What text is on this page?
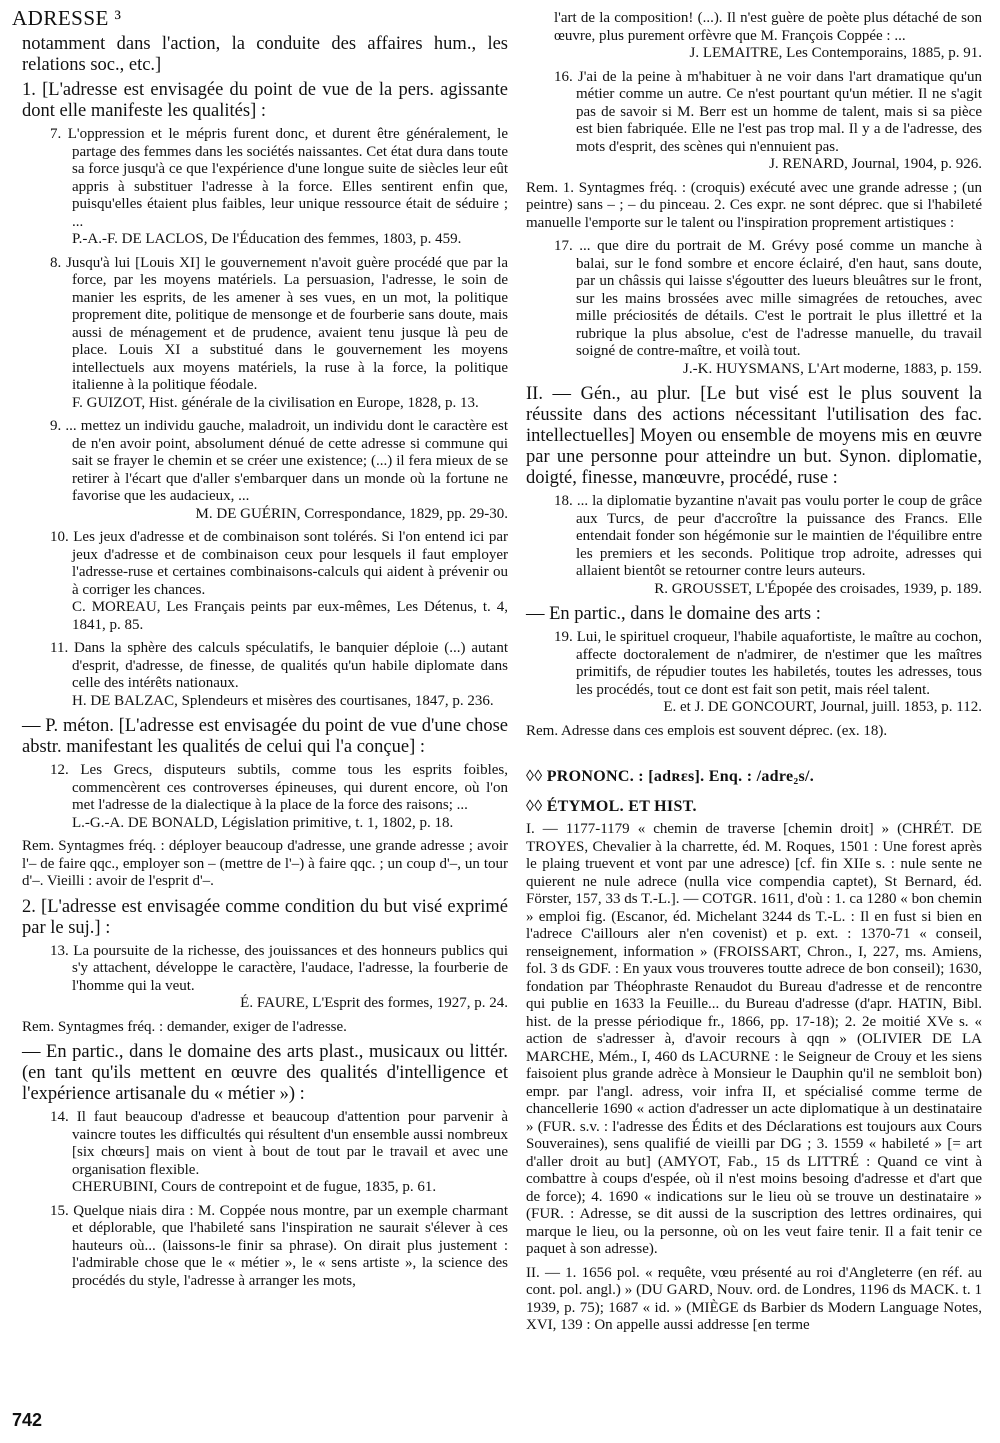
ADRESSE ³

notamment dans l'action, la conduite des affaires hum., les relations soc., etc.]

1. [L'adresse est envisagée du point de vue de la pers. agissante dont elle manifeste les qualités] :

7. L'oppression et le mépris furent donc, et durent être généralement, le partage des femmes dans les sociétés naissantes. Cet état dura dans toute sa force jusqu'à ce que l'expérience d'une longue suite de siècles leur eût appris à substituer l'adresse à la force. Elles sentirent enfin que, puisqu'elles étaient plus faibles, leur unique ressource était de séduire ; ...
P.-A.-F. DE LACLOS, De l'Éducation des femmes, 1803, p. 459.
8. Jusqu'à lui [Louis XI] le gouvernement n'avoit guère procédé que par la force, par les moyens matériels. La persuasion, l'adresse, le soin de manier les esprits, de les amener à ses vues, en un mot, la politique proprement dite, politique de mensonge et de fourberie sans doute, mais aussi de ménagement et de prudence, avaient tenu jusque là peu de place. Louis XI a substitué dans le gouvernement les moyens intellectuels aux moyens matériels, la ruse à la force, la politique italienne à la politique féodale.
F. GUIZOT, Hist. générale de la civilisation en Europe, 1828, p. 13.
9. ... mettez un individu gauche, maladroit, un individu dont le caractère est de n'en avoir point, absolument dénué de cette adresse si commune qui sait se frayer le chemin et se créer une existence; (...) il fera mieux de se retirer à l'écart que d'aller s'embarquer dans un monde où la fortune ne favorise que les audacieux, ...
M. DE GUÉRIN, Correspondance, 1829, pp. 29-30.
10. Les jeux d'adresse et de combinaison sont tolérés. Si l'on entend ici par jeux d'adresse et de combinaison ceux pour lesquels il faut employer l'adresse-ruse et certaines combinaisons-calculs qui aident à prévenir ou à corriger les chances.
C. MOREAU, Les Français peints par eux-mêmes, Les Détenus, t. 4, 1841, p. 85.
11. Dans la sphère des calculs spéculatifs, le banquier déploie (...) autant d'esprit, d'adresse, de finesse, de qualités qu'un habile diplomate dans celle des intérêts nationaux.
H. DE BALZAC, Splendeurs et misères des courtisanes, 1847, p. 236.

— P. méton. [L'adresse est envisagée du point de vue d'une chose abstr. manifestant les qualités de celui qui l'a conçue] :

12. Les Grecs, disputeurs subtils, comme tous les esprits foibles, commencèrent ces controverses épineuses, qui durent encore, où l'on met l'adresse de la dialectique à la place de la force des raisons; ...
L.-G.-A. DE BONALD, Législation primitive, t. 1, 1802, p. 18.

Rem. Syntagmes fréq. : déployer beaucoup d'adresse, une grande adresse ; avoir l'– de faire qqc., employer son – (mettre de l'–) à faire qqc. ; un coup d'–, un tour d'–. Vieilli : avoir de l'esprit d'–.

2. [L'adresse est envisagée comme condition du but visé exprimé par le suj.] :

13. La poursuite de la richesse, des jouissances et des honneurs publics qui s'y attachent, développe le caractère, l'audace, l'adresse, la fourberie de l'homme qui la veut.
É. FAURE, L'Esprit des formes, 1927, p. 24.

Rem. Syntagmes fréq. : demander, exiger de l'adresse.

— En partic., dans le domaine des arts plast., musicaux ou littér. (en tant qu'ils mettent en œuvre des qualités d'intelligence et l'expérience artisanale du « métier ») :

14. Il faut beaucoup d'adresse et beaucoup d'attention pour parvenir à vaincre toutes les difficultés qui résultent d'un ensemble aussi nombreux [six chœurs] mais on vient à bout de tout par le travail et avec une organisation flexible.
CHERUBINI, Cours de contrepoint et de fugue, 1835, p. 61.
15. Quelque niais dira : M. Coppée nous montre, par un exemple charmant et déplorable, que l'habileté sans l'inspiration ne saurait s'élever à ces hauteurs où... (laissons-le finir sa phrase). On dirait plus justement : l'admirable chose que le « métier », le « sens artiste », la science des procédés du style, l'adresse à arranger les mots,
l'art de la composition! (...). Il n'est guère de poète plus détaché de son œuvre, plus purement orfèvre que M. François Coppée : ...
J. LEMAITRE, Les Contemporains, 1885, p. 91.
16. J'ai de la peine à m'habituer à ne voir dans l'art dramatique qu'un métier comme un autre. Ce n'est pourtant qu'un métier. Il ne s'agit pas de savoir si M. Berr est un homme de talent, mais si sa pièce est bien fabriquée. Elle ne l'est pas trop mal. Il y a de l'adresse, des mots d'esprit, des scènes qui n'ennuient pas.
J. RENARD, Journal, 1904, p. 926.

Rem. 1. Syntagmes fréq. : (croquis) exécuté avec une grande adresse ; (un peintre) sans – ; – du pinceau. 2. Ces expr. ne sont déprec. que si l'habileté manuelle l'emporte sur le talent ou l'inspiration proprement artistiques :

17. ... que dire du portrait de M. Grévy posé comme un manche à balai, sur le fond sombre et encore éclairé, d'en haut, sans doute, par un châssis qui laisse s'égoutter des lueurs bleuâtres sur le front, sur les mains brossées avec mille simagrées de retouches, avec mille préciosités de détails. C'est le portrait le plus illettré et la rubrique la plus absolue, c'est de l'adresse manuelle, du travail soigné de contre-maître, et voilà tout.
J.-K. HUYSMANS, L'Art moderne, 1883, p. 159.

II. — Gén., au plur. [Le but visé est le plus souvent la réussite dans des actions nécessitant l'utilisation des fac. intellectuelles] Moyen ou ensemble de moyens mis en œuvre par une personne pour atteindre un but. Synon. diplomatie, doigté, finesse, manœuvre, procédé, ruse :

18. ... la diplomatie byzantine n'avait pas voulu porter le coup de grâce aux Turcs, de peur d'accroître la puissance des Francs. Elle entendait fonder son hégémonie sur le maintien de l'équilibre entre les premiers et les seconds. Politique trop adroite, adresses qui allaient bientôt se retourner contre leurs auteurs.
R. GROUSSET, L'Épopée des croisades, 1939, p. 189.

— En partic., dans le domaine des arts :

19. Lui, le spirituel croqueur, l'habile aquafortiste, le maître au cochon, affecte doctoralement de n'admirer, de n'estimer que les maîtres primitifs, de répudier toutes les habiletés, toutes les adresses, tous les procédés, tout ce dont est fait son petit, mais réel talent.
E. et J. DE GONCOURT, Journal, juill. 1853, p. 112.

Rem. Adresse dans ces emplois est souvent déprec. (ex. 18).

◊◊ PRONONC. : [adʀɛs]. Enq. : /adre₂s/.

◊◊ ÉTYMOL. ET HIST.

I. — 1177-1179 « chemin de traverse [chemin droit] » (CHRÉT. DE TROYES, Chevalier à la charrette, éd. M. Roques, 1501 : Une forest après le plaing truevent et vont par une adresce) [cf. fin XIIe s. : nule sente ne quierent ne nule adrece (nulla vice compendia captet), St Bernard, éd. Förster, 157, 33 ds T.-L.]. — COTGR. 1611, d'où : 1. ca 1280 « bon chemin » emploi fig. (Escanor, éd. Michelant 3244 ds T.-L. : Il en fust si bien en l'adrece C'aillours aler n'en covenist) et p. ext. : 1370-71 « conseil, renseignement, information » (FROISSART, Chron., I, 227, ms. Amiens, fol. 3 ds GDF. : En yaux vous trouveres toutte adrece de bon conseil); 1630, fondation par Théophraste Renaudot du Bureau d'adresse et de rencontre qui publie en 1633 la Feuille... du Bureau d'adresse (d'apr. HATIN, Bibl. hist. de la presse périodique fr., 1866, pp. 17-18); 2. 2e moitié XVe s. « action de s'adresser à, d'avoir recours à qqn » (OLIVIER DE LA MARCHE, Mém., I, 460 ds LACURNE : le Seigneur de Crouy et les siens faisoient plus grande adrèce à Monsieur le Dauphin qu'il ne sembloit bon) empr. par l'angl. adress, voir infra II, et spécialisé comme terme de chancellerie 1690 « action d'adresser un acte diplomatique à un destinataire » (FUR. s.v. : l'adresse des Édits et des Déclarations est toujours aux Cours Souveraines), sens qualifié de vieilli par DG ; 3. 1559 « habileté » [= art d'aller droit au but] (AMYOT, Fab., 15 ds LITTRÉ : Quand ce vint à combattre à coups d'espée, où il n'est moins besoing d'adresse et d'art que de force); 4. 1690 « indications sur le lieu où se trouve un destinataire » (FUR. : Adresse, se dit aussi de la suscription des lettres ordinaires, qui marque le lieu, ou la personne, où on les veut faire tenir. Il a fait tenir ce paquet à son adresse).

II. — 1. 1656 pol. « requête, vœu présenté au roi d'Angleterre (en réf. au cont. pol. angl.) » (DU GARD, Nouv. ord. de Londres, 1196 ds MACK. t. 1 1939, p. 75); 1687 « id. » (MIÈGE ds Barbier ds Modern Language Notes, XVI, 139 : On appelle aussi addresse [en terme

742
